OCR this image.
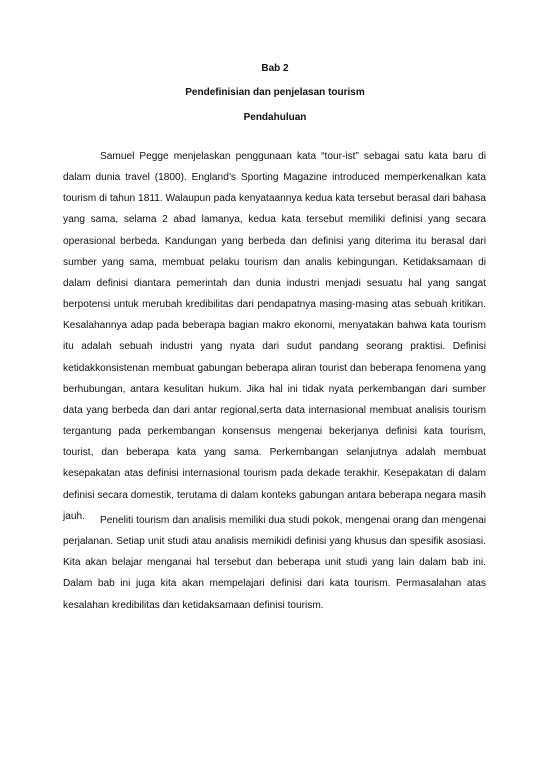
Bab 2
Pendefinisian dan penjelasan tourism
Pendahuluan

Samuel Pegge menjelaskan penggunaan kata “tour-ist” sebagai satu kata baru di dalam dunia travel (1800). England’s Sporting Magazine introduced memperkenalkan kata tourism di tahun 1811. Walaupun pada kenyataannya kedua kata tersebut berasal dari bahasa yang sama, selama 2 abad lamanya, kedua kata tersebut memiliki definisi yang secara operasional berbeda. Kandungan yang berbeda dan definisi yang diterima itu berasal dari sumber yang sama, membuat pelaku tourism dan analis kebingungan. Ketidaksamaan di dalam definisi diantara pemerintah dan dunia industri menjadi sesuatu hal yang sangat berpotensi untuk merubah kredibilitas dari pendapatnya masing-masing atas sebuah kritikan. Kesalahannya adap pada beberapa bagian makro ekonomi, menyatakan bahwa kata tourism itu adalah sebuah industri yang nyata dari sudut pandang seorang praktisi. Definisi ketidakkonsistenan membuat gabungan beberapa aliran tourist dan beberapa fenomena yang berhubungan, antara kesulitan hukum. Jika hal ini tidak nyata perkembangan dari sumber data yang berbeda dan dari antar regional,serta data internasional membuat analisis tourism tergantung pada perkembangan konsensus mengenai bekerjanya definisi kata tourism, tourist, dan beberapa kata yang sama. Perkembangan selanjutnya adalah membuat kesepakatan atas definisi internasional tourism pada dekade terakhir. Kesepakatan di dalam definisi secara domestik, terutama di dalam konteks gabungan antara beberapa negara masih jauh.	Peneliti tourism dan analisis memiliki dua studi pokok, mengenai orang dan mengenai perjalanan. Setiap unit studi atau analisis memikidi definisi yang khusus dan spesifik asosiasi. Kita akan belajar menganai hal tersebut dan beberapa unit studi yang lain dalam bab ini. Dalam bab ini juga kita akan mempelajari definisi dari kata tourism. Permasalahan atas kesalahan kredibilitas dan ketidaksamaan definisi tourism.
